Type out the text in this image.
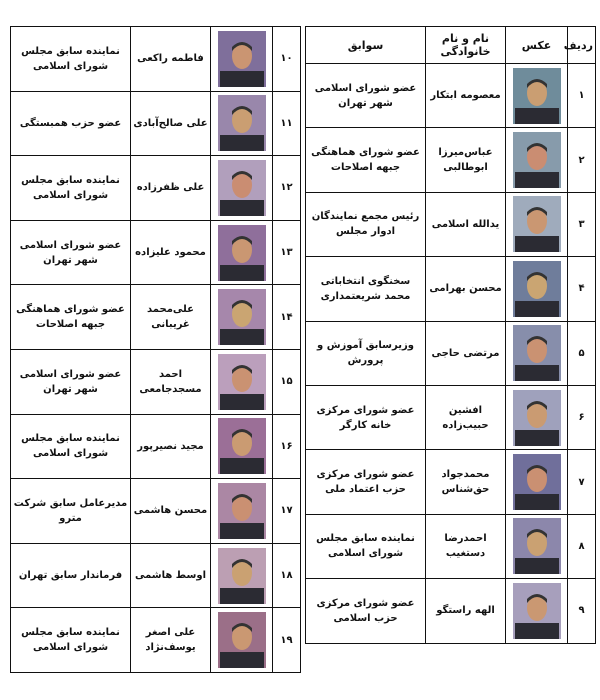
ردیف	عکس	نام و نام خانوادگی	سوابق
۱		معصومه ابتکار	عضو شورای اسلامی شهر تهران
۲		عباس‌میرزا ابوطالبی	عضو شورای هماهنگی جبهه اصلاحات
۳		یدالله اسلامی	رئیس مجمع نمایندگان ادوار مجلس
۴		محسن بهرامی	سخنگوی انتخاباتی
محمد شریعتمداری
۵		مرتضی حاجی	وزیرسابق آموزش و پرورش
۶		افشین حبیب‌زاده	عضو شورای مرکزی خانه کارگر
۷		محمدجواد حق‌شناس	عضو شورای مرکزی
حزب اعتماد ملی
۸		احمدرضا دستغیب	نماینده سابق مجلس شورای اسلامی
۹		الهه راستگو	عضو شورای مرکزی حزب اسلامی
۱۰		فاطمه راکعی	نماینده سابق مجلس شورای اسلامی
۱۱		علی صالح‌آبادی	عضو حزب همبستگی
۱۲		علی ظفرزاده	نماینده سابق مجلس شورای اسلامی
۱۳		محمود علیزاده	عضو شورای اسلامی شهر تهران
۱۴		علی‌محمد غریبانی	عضو شورای هماهنگی
جبهه اصلاحات
۱۵		احمد مسجدجامعی	عضو شورای اسلامی شهر تهران
۱۶		مجید نصیرپور	نماینده سابق مجلس شورای اسلامی
۱۷		محسن هاشمی	مدیرعامل سابق شرکت مترو
۱۸		اوسط هاشمی	فرماندار سابق تهران
۱۹		علی اصغر یوسف‌نژاد	نماینده سابق مجلس شورای اسلامی
